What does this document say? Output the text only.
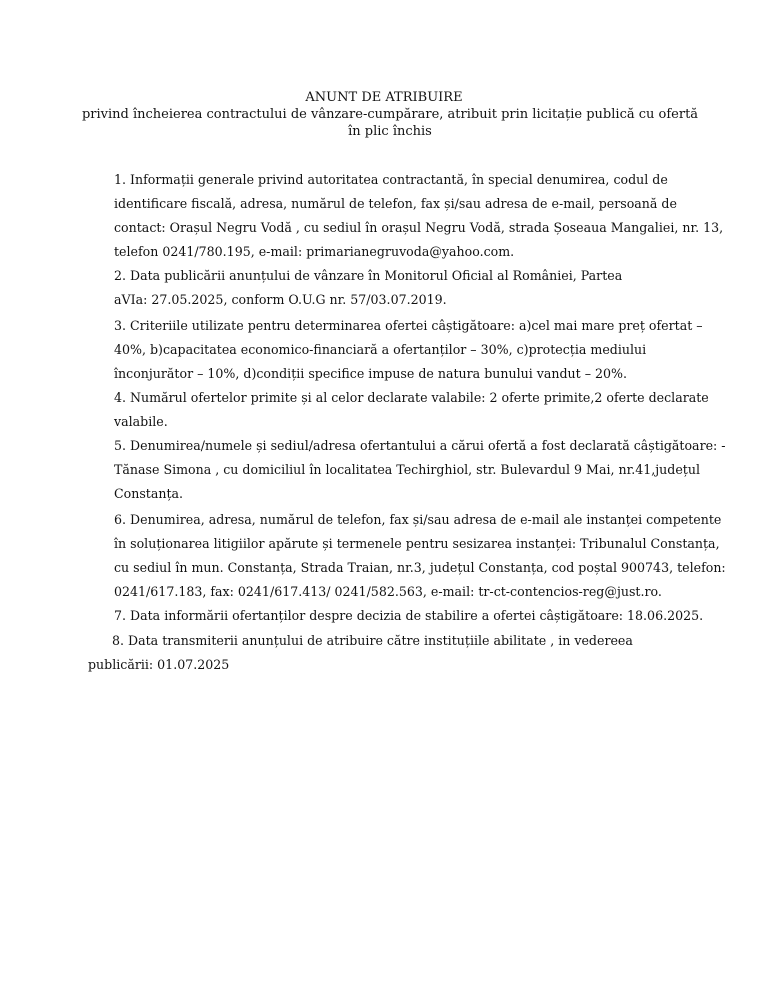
ANUNT DE ATRIBUIRE
privind încheierea contractului de vânzare-cumpărare, atribuit prin licitație publică cu ofertă în plic închis
1. Informații generale privind autoritatea contractantă, în special denumirea, codul de
identificare fiscală, adresa, numărul de telefon, fax și/sau adresa de e-mail, persoană de
contact: Orașul Negru Vodă , cu sediul în orașul Negru Vodă, strada Șoseaua Mangaliei, nr. 13,
telefon 0241/780.195, e-mail: primarianegruvoda@yahoo.com.
2. Data publicării anunțului de vânzare în Monitorul Oficial al României, Partea
aVIa: 27.05.2025, conform O.U.G nr. 57/03.07.2019.
3. Criteriile utilizate pentru determinarea ofertei câștigătoare: a)cel mai mare preț ofertat –
40%, b)capacitatea economico-financiară a ofertanților – 30%, c)protecția mediului
înconjurător – 10%, d)condiții specifice impuse de natura bunului vandut – 20%.
4. Numărul ofertelor primite și al celor declarate valabile: 2 oferte primite,2 oferte declarate
valabile.
5. Denumirea/numele și sediul/adresa ofertantului a cărui ofertă a fost declarată câștigătoare: -
Tănase Simona , cu domiciliul în localitatea Techirghiol, str. Bulevardul 9 Mai, nr.41,județul
Constanța.
6. Denumirea, adresa, numărul de telefon, fax și/sau adresa de e-mail ale instanței competente
în soluționarea litigiilor apărute și termenele pentru sesizarea instanței: Tribunalul Constanța,
cu sediul în mun. Constanța, Strada Traian, nr.3, județul Constanța, cod poștal 900743, telefon:
0241/617.183, fax: 0241/617.413/ 0241/582.563, e-mail: tr-ct-contencios-reg@just.ro.
7. Data informării ofertanților despre decizia de stabilire a ofertei câștigătoare: 18.06.2025.
8. Data transmiterii anunțului de atribuire către instituțiile abilitate , in vedereea
publicării: 01.07.2025
